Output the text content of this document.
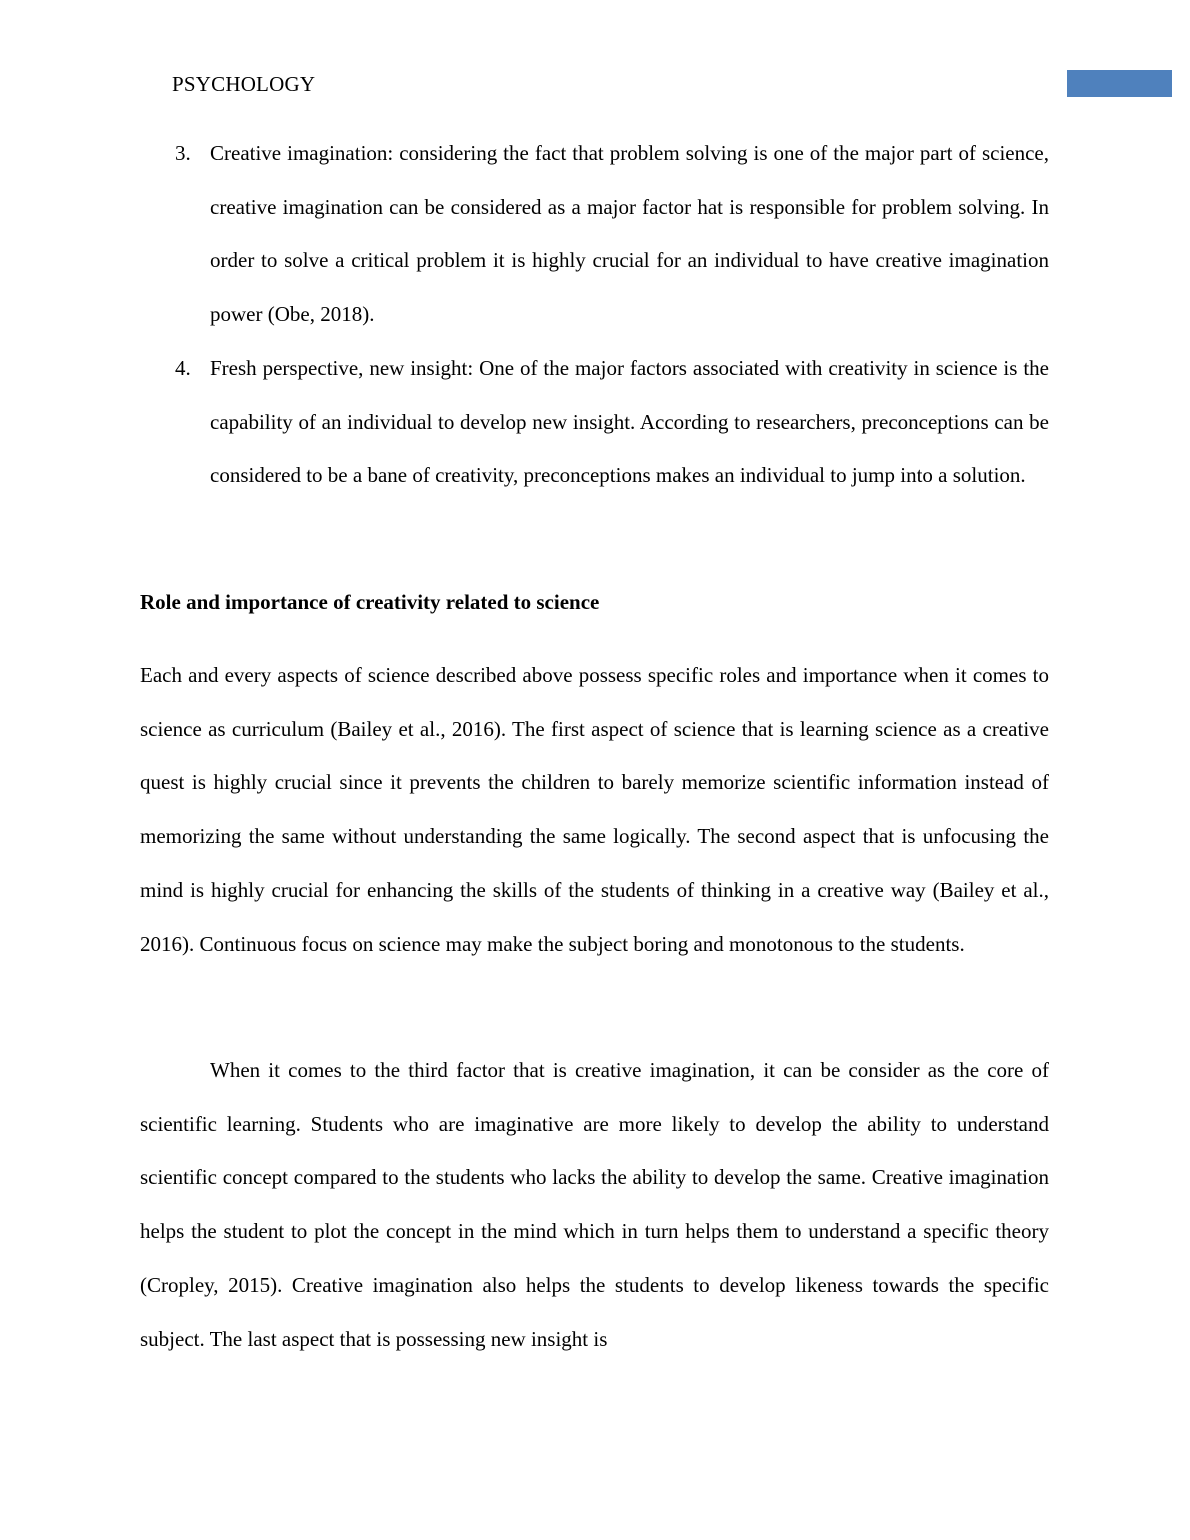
PSYCHOLOGY
3. Creative imagination: considering the fact that problem solving is one of the major part of science, creative imagination can be considered as a major factor hat is responsible for problem solving. In order to solve a critical problem it is highly crucial for an individual to have creative imagination power (Obe, 2018).
4. Fresh perspective, new insight: One of the major factors associated with creativity in science is the capability of an individual to develop new insight. According to researchers, preconceptions can be considered to be a bane of creativity, preconceptions makes an individual to jump into a solution.
Role and importance of creativity related to science

Each and every aspects of science described above possess specific roles and importance when it comes to science as curriculum (Bailey et al., 2016). The first aspect of science that is learning science as a creative quest is highly crucial since it prevents the children to barely memorize scientific information instead of memorizing the same without understanding the same logically. The second aspect that is unfocusing the mind is highly crucial for enhancing the skills of the students of thinking in a creative way (Bailey et al., 2016). Continuous focus on science may make the subject boring and monotonous to the students.

When it comes to the third factor that is creative imagination, it can be consider as the core of scientific learning. Students who are imaginative are more likely to develop the ability to understand scientific concept compared to the students who lacks the ability to develop the same. Creative imagination helps the student to plot the concept in the mind which in turn helps them to understand a specific theory (Cropley, 2015). Creative imagination also helps the students to develop likeness towards the specific subject. The last aspect that is possessing new insight is
